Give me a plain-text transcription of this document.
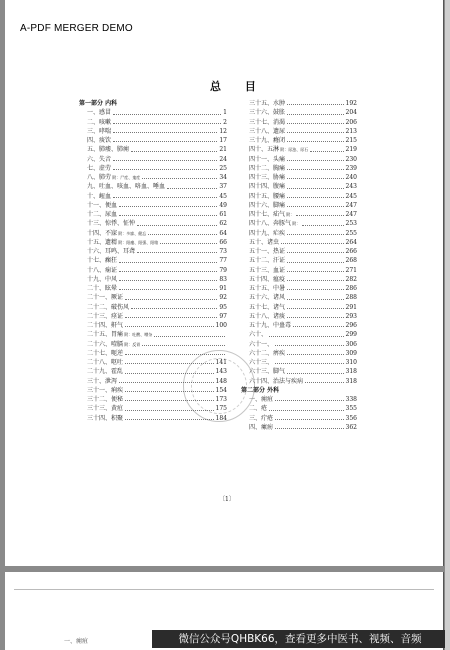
A-PDF MERGER DEMO
总 目
第一部分 内科
一、感冒	1
二、咳嗽	2
三、哮喘	12
四、痰饮	17
五、肺痿、肺痈	21
六、失音	24
七、虚劳	25
八、肺劳 附：尸疰、鬼疰	34
九、吐血、咳血、咯血、唾血	37
十、衄血	45
十一、便血	49
十二、尿血	61
十三、惊悸、怔忡	62
十四、不寐 附：多寐、健忘	64
十五、遗精 附：阳痿、阳强、阳缩	66
十六、耳鸣、耳聋	73
十七、癫狂	77
十八、痫证	79
十九、中风	83
二十、眩晕	91
二十一、厥证	92
二十二、破伤风	95
二十三、痉证	97
二十四、鼾气	100
二十五、胃痛 附：吐酸、嘈杂
二十六、噎膈 附：反胃
二十七、呃逆
二十八、呕吐	141
二十九、霍乱	143
三十、泄泻	148
三十一、痢疾	154
三十二、便秘	173
三十三、黄疸	175
三十四、积聚	184
三十五、水肿	192
三十六、鼓胀	204
三十七、消渴	206
三十八、遗尿	213
三十九、癃闭	215
四十、五淋 附：尿浊、尿石	219
四十一、头痛	230
四十二、胸痛	239
四十三、胁痛	240
四十四、腹痛	243
四十五、腰痛	245
四十六、脚痛	247
四十七、疝气 附：	247
四十八、奔豚气 附：	253
四十九、疟疾	255
五十、诸虫	264
五十一、热证	266
五十二、汗证	268
五十三、血证	271
五十四、瘟疫	282
五十五、中暑	286
五十六、诸风	288
五十七、诸气	291
五十八、诸痰	293
五十九、中蛊毒	296
六十、	299
六十一、	306
六十二、痹疾	309
六十三、	310
六十三、脚气	318
六十四、治法与疾病	318
第二部分 外科
一、痈疽	338
二、疮	355
三、疔疮	356
四、瘰疬	362
〔1〕
一、痈疽	微信公众号QHBK66，查看更多中医书、视频、音频
